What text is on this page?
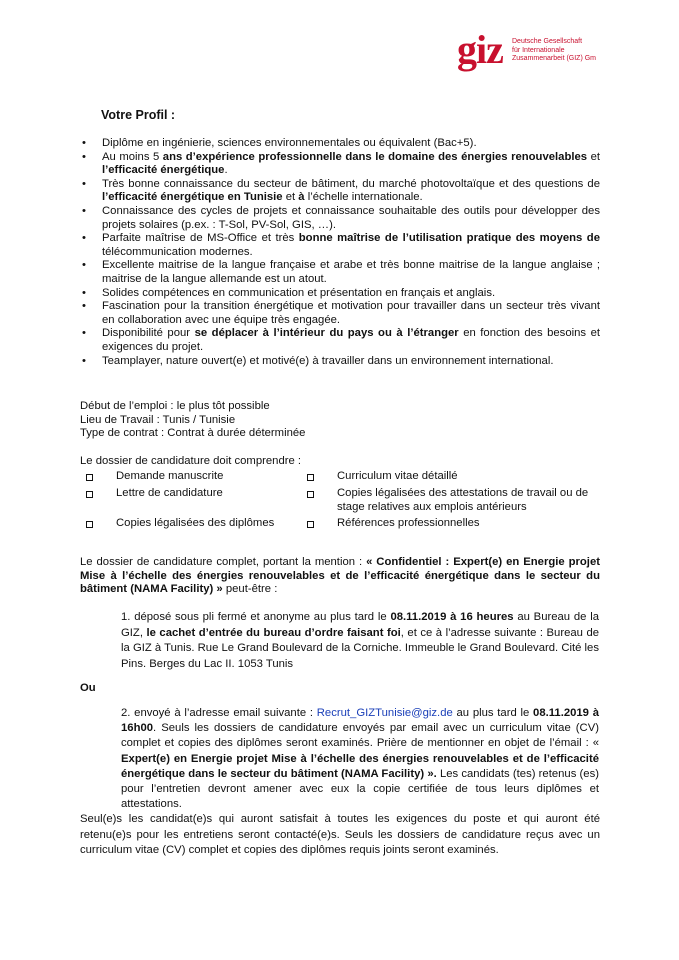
giz Deutsche Gesellschaft
für Internationale
Zusammenarbeit (GIZ) Gm
Votre Profil :
• Diplôme en ingénierie, sciences environnementales ou équivalent (Bac+5).
• Au moins 5 ans d’expérience professionnelle dans le domaine des énergies renouvelables et l’efficacité énergétique.
• Très bonne connaissance du secteur de bâtiment, du marché photovoltaïque et des questions de l’efficacité énergétique en Tunisie et à l’échelle internationale.
• Connaissance des cycles de projets et connaissance souhaitable des outils pour développer des projets solaires (p.ex. : T-Sol, PV-Sol, GIS, …).
• Parfaite maîtrise de MS-Office et très bonne maîtrise de l’utilisation pratique des moyens de télécommunication modernes.
• Excellente maitrise de la langue française et arabe et très bonne maitrise de la langue anglaise ; maitrise de la langue allemande est un atout.
• Solides compétences en communication et présentation en français et anglais.
• Fascination pour la transition énergétique et motivation pour travailler dans un secteur très vivant en collaboration avec une équipe très engagée.
• Disponibilité pour se déplacer à l’intérieur du pays ou à l’étranger en fonction des besoins et exigences du projet.
• Teamplayer, nature ouvert(e) et motivé(e) à travailler dans un environnement international.
Début de l’emploi : le plus tôt possible
Lieu de Travail : Tunis / Tunisie
Type de contrat : Contrat à durée déterminée
Le dossier de candidature doit comprendre :
Demande manuscrite
Lettre de candidature
Copies légalisées des diplômes
Curriculum vitae détaillé
Copies légalisées des attestations de travail ou de stage relatives aux emplois antérieurs
Références professionnelles
Le dossier de candidature complet, portant la mention : « Confidentiel : Expert(e) en Energie projet Mise à l’échelle des énergies renouvelables et de l’efficacité énergétique dans le secteur du bâtiment (NAMA Facility) » peut-être :
1. déposé sous pli fermé et anonyme au plus tard le 08.11.2019 à 16 heures au Bureau de la GIZ, le cachet d’entrée du bureau d’ordre faisant foi, et ce à l’adresse suivante : Bureau de la GIZ à Tunis. Rue Le Grand Boulevard de la Corniche. Immeuble le Grand Boulevard. Cité les Pins. Berges du Lac II. 1053 Tunis
Ou
2. envoyé à l’adresse email suivante : Recrut_GIZTunisie@giz.de au plus tard le 08.11.2019 à 16h00. Seuls les dossiers de candidature envoyés par email avec un curriculum vitae (CV) complet et copies des diplômes seront examinés. Prière de mentionner en objet de l’émail : « Expert(e) en Energie projet Mise à l’échelle des énergies renouvelables et de l’efficacité énergétique dans le secteur du bâtiment (NAMA Facility) ». Les candidats (tes) retenus (es) pour l’entretien devront amener avec eux la copie certifiée de tous leurs diplômes et attestations.
Seul(e)s les candidat(e)s qui auront satisfait à toutes les exigences du poste et qui auront été retenu(e)s pour les entretiens seront contacté(e)s. Seuls les dossiers de candidature reçus avec un curriculum vitae (CV) complet et copies des diplômes requis joints seront examinés.
